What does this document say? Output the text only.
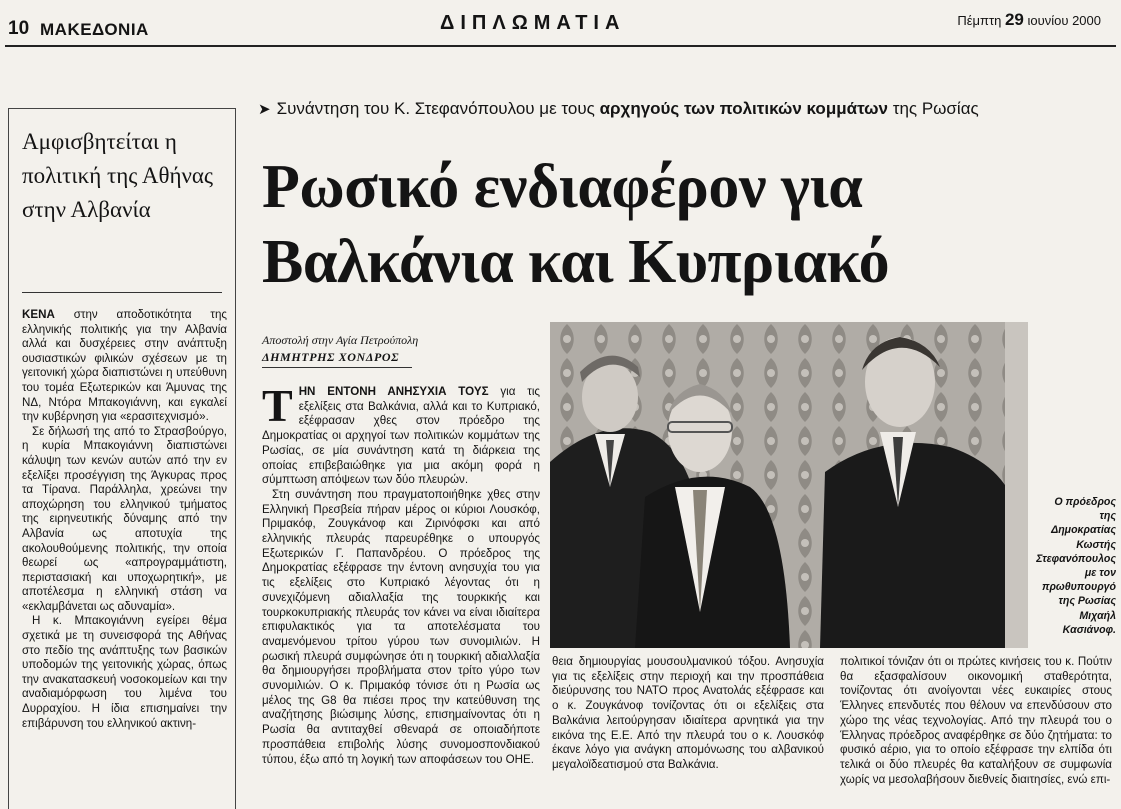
10 ΜΑΚΕΔΟΝΙΑ	ΔΙΠΛΩΜΑΤΙΑ	Πέμπτη 29 ιουνίου 2000
Αμφισβητείται η πολιτική της Αθήνας στην Αλβανία

ΚΕΝΑ στην αποδοτικότητα της ελληνικής πολιτικής για την Αλβανία αλλά και δυσχέρειες στην ανάπτυξη ουσιαστικών φιλικών σχέσεων με τη γειτονική χώρα διαπιστώνει η υπεύθυνη του τομέα Εξωτερικών και Άμυνας της ΝΔ, Ντόρα Μπακογιάννη, και εγκαλεί την κυβέρνηση για «ερασιτεχνισμό».

Σε δήλωσή της από το Στρασβούργο, η κυρία Μπακογιάννη διαπιστώνει κάλυψη των κενών αυτών από την εν εξελίξει προσέγγιση της Άγκυρας προς τα Τίρανα. Παράλληλα, χρεώνει την αποχώρηση του ελληνικού τμήματος της ειρηνευτικής δύναμης από την Αλβανία ως αποτυχία της ακολουθούμενης πολιτικής, την οποία θεωρεί ως «απρογραμμάτιστη, περιστασιακή και υποχωρητική», με αποτέλεσμα η ελληνική στάση να «εκλαμβάνεται ως αδυναμία».

Η κ. Μπακογιάννη εγείρει θέμα σχετικά με τη συνεισφορά της Αθήνας στο πεδίο της ανάπτυξης των βασικών υποδομών της γειτονικής χώρας, όπως την ανακατασκευή νοσοκομείων και την αναδιαμόρφωση του λιμένα του Δυρραχίου. Η ίδια επισημαίνει την επιβάρυνση του ελληνικού ακτινη-

➤ Συνάντηση του Κ. Στεφανόπουλου με τους αρχηγούς των πολιτικών κομμάτων της Ρωσίας
Ρωσικό ενδιαφέρον για
Βαλκάνια και Κυπριακό
Αποστολή στην Αγία Πετρούπολη
ΔΗΜΗΤΡΗΣ ΧΟΝΔΡΟΣ

ΤΗΝ ΕΝΤΟΝΗ ΑΝΗΣΥΧΙΑ ΤΟΥΣ για τις εξελίξεις στα Βαλκάνια, αλλά και το Κυπριακό, εξέφρασαν χθες στον πρόεδρο της Δημοκρατίας οι αρχηγοί των πολιτικών κομμάτων της Ρωσίας, σε μία συνάντηση κατά τη διάρκεια της οποίας επιβεβαιώθηκε για μια ακόμη φορά η σύμπτωση απόψεων των δύο πλευρών.

Στη συνάντηση που πραγματοποιήθηκε χθες στην Ελληνική Πρεσβεία πήραν μέρος οι κύριοι Λουσκόφ, Πριμακόφ, Ζουγκάνοφ και Ζιρινόφσκι και από ελληνικής πλευράς παρευρέθηκε ο υπουργός Εξωτερικών Γ. Παπανδρέου. Ο πρόεδρος της Δημοκρατίας εξέφρασε την έντονη ανησυχία του για τις εξελίξεις στο Κυπριακό λέγοντας ότι η συνεχιζόμενη αδιαλλαξία της τουρκικής και τουρκοκυπριακής πλευράς τον κάνει να είναι ιδιαίτερα επιφυλακτικός για τα αποτελέσματα του αναμενόμενου τρίτου γύρου των συνομιλιών. Η ρωσική πλευρά συμφώνησε ότι η τουρκική αδιαλλαξία θα δημιουργήσει προβλήματα στον τρίτο γύρο των συνομιλιών. Ο κ. Πριμακόφ τόνισε ότι η Ρωσία ως μέλος της G8 θα πιέσει προς την κατεύθυνση της αναζήτησης βιώσιμης λύσης, επισημαίνοντας ότι η Ρωσία θα αντιταχθεί σθεναρά σε οποιαδήποτε προσπάθεια επιβολής λύσης συνομοσπονδιακού τύπου, έξω από τη λογική των αποφάσεων του ΟΗΕ.

Ο πρόεδρος της Δημοκρατίας Κωστής Στεφανόπουλος με τον πρωθυπουργό της Ρωσίας Μιχαήλ Κασιάνοφ.

θεια δημιουργίας μουσουλμανικού τόξου. Ανησυχία για τις εξελίξεις στην περιοχή και την προσπάθεια διεύρυνσης του ΝΑΤΟ προς Ανατολάς εξέφρασε και ο κ. Ζουγκάνοφ τονίζοντας ότι οι εξελίξεις στα Βαλκάνια λειτούργησαν ιδιαίτερα αρνητικά για την εικόνα της Ε.Ε. Από την πλευρά του ο κ. Λουσκόφ έκανε λόγο για ανάγκη απομόνωσης του αλβανικού μεγαλοϊδεατισμού στα Βαλκάνια.

πολιτικοί τόνιζαν ότι οι πρώτες κινήσεις του κ. Πούτιν θα εξασφαλίσουν οικονομική σταθερότητα, τονίζοντας ότι ανοίγονται νέες ευκαιρίες στους Έλληνες επενδυτές που θέλουν να επενδύσουν στο χώρο της νέας τεχνολογίας. Από την πλευρά του ο Έλληνας πρόεδρος αναφέρθηκε σε δύο ζητήματα: το φυσικό αέριο, για το οποίο εξέφρασε την ελπίδα ότι τελικά οι δύο πλευρές θα καταλήξουν σε συμφωνία χωρίς να μεσολαβήσουν διεθνείς διαιτησίες, ενώ επι-
